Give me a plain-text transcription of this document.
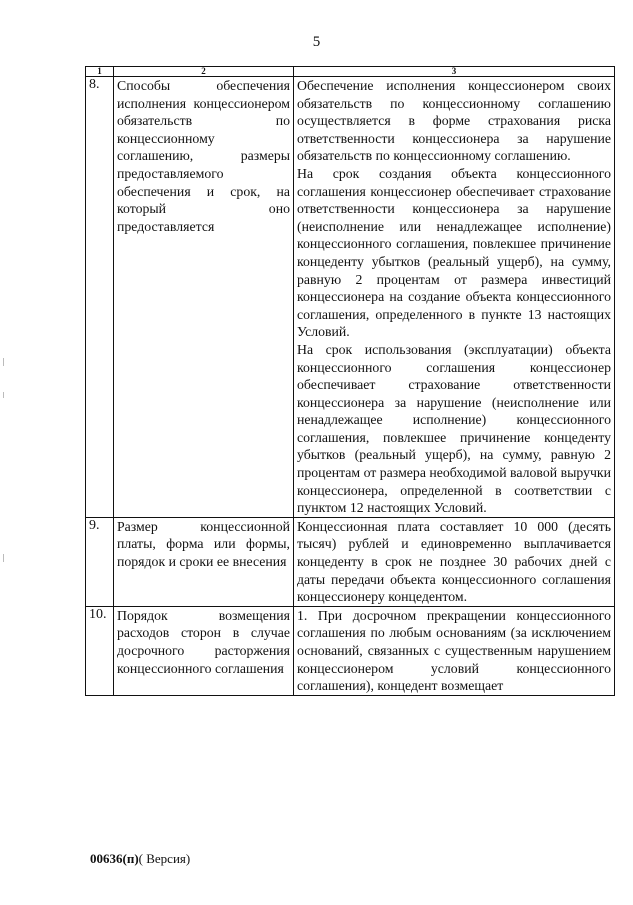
5
1	2	3
8.	Способы обеспечения исполнения концессионером обязательств по концессионному соглашению, размеры предоставляемого обеспечения и срок, на который оно предоставляется	Обеспечение исполнения концессионером своих обязательств по концессионному соглашению осуществляется в форме страхования риска ответственности концессионера за нарушение обязательств по концессионному соглашению.

На срок создания объекта концессионного соглашения концессионер обеспечивает страхование ответственности концессионера за нарушение (неисполнение или ненадлежащее исполнение) концессионного соглашения, повлекшее причинение концеденту убытков (реальный ущерб), на сумму, равную 2 процентам от размера инвестиций концессионера на создание объекта концессионного соглашения, определенного в пункте 13 настоящих Условий.

На срок использования (эксплуатации) объекта концессионного соглашения концессионер обеспечивает страхование ответственности концессионера за нарушение (неисполнение или ненадлежащее исполнение) концессионного соглашения, повлекшее причинение концеденту убытков (реальный ущерб), на сумму, равную 2 процентам от размера необходимой валовой выручки концессионера, определенной в соответствии с пунктом 12 настоящих Условий.

9.	Размер концессионной платы, форма или формы, порядок и сроки ее внесения	Концессионная плата составляет 10 000 (десять тысяч) рублей и единовременно выплачивается концеденту в срок не позднее 30 рабочих дней с даты передачи объекта концессионного соглашения концессионеру концедентом.

10.	Порядок возмещения расходов сторон в случае досрочного расторжения концессионного соглашения	1. При досрочном прекращении концессионного соглашения по любым основаниям (за исключением оснований, связанных с существенным нарушением концессионером условий концессионного соглашения), концедент возмещает

00636(п)( Версия)
